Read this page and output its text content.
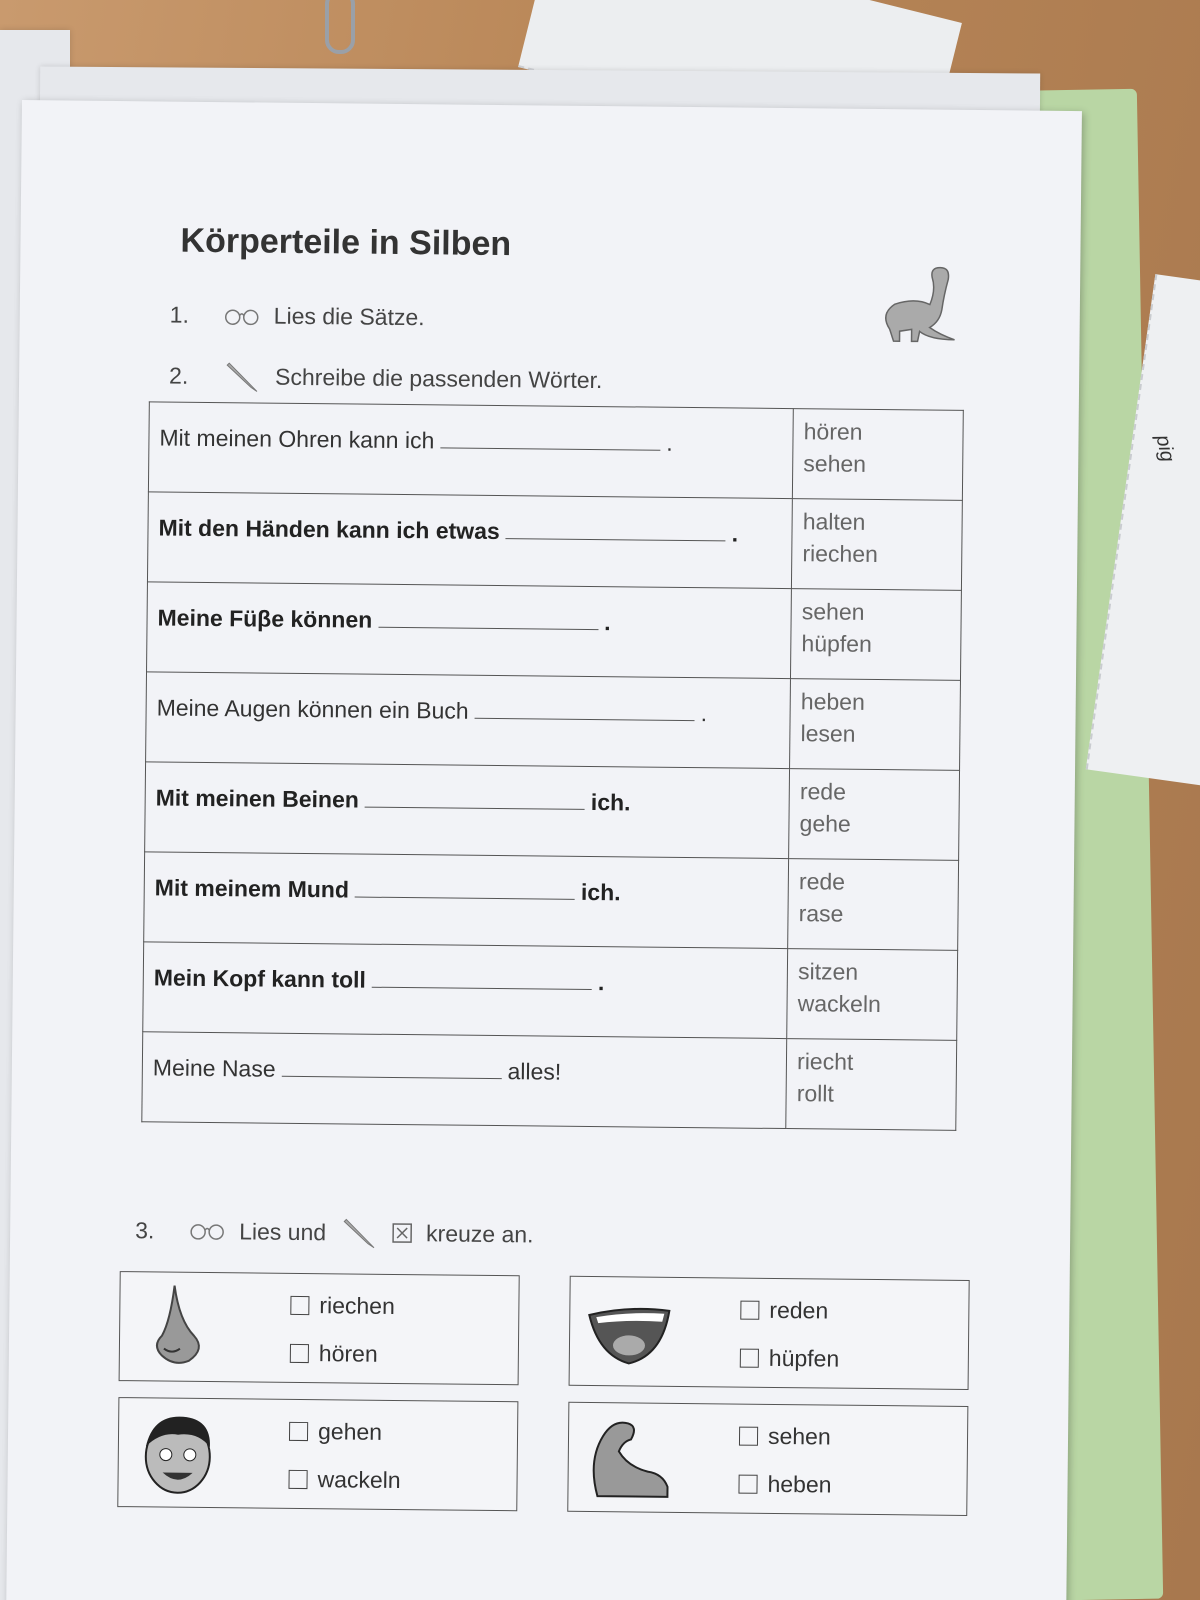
pig
Körperteile in Silben
1.	Lies die Sätze.
2.	Schreibe die passenden Wörter.
Mit meinen Ohren kann ich .	hören
sehen

Mit den Händen kann ich etwas .	halten
riechen

Meine Füβe können .	sehen
hüpfen

Meine Augen können ein Buch .	heben
lesen

Mit meinen Beinen ich.	rede
gehe

Mit meinem Mund ich.	rede
rase

Mein Kopf kann toll .	sitzen
wackeln

Meine Nase alles!	riecht
rollt
3.	Lies und	kreuze an.
riechen
hören
reden
hüpfen
gehen
wackeln
sehen
heben
